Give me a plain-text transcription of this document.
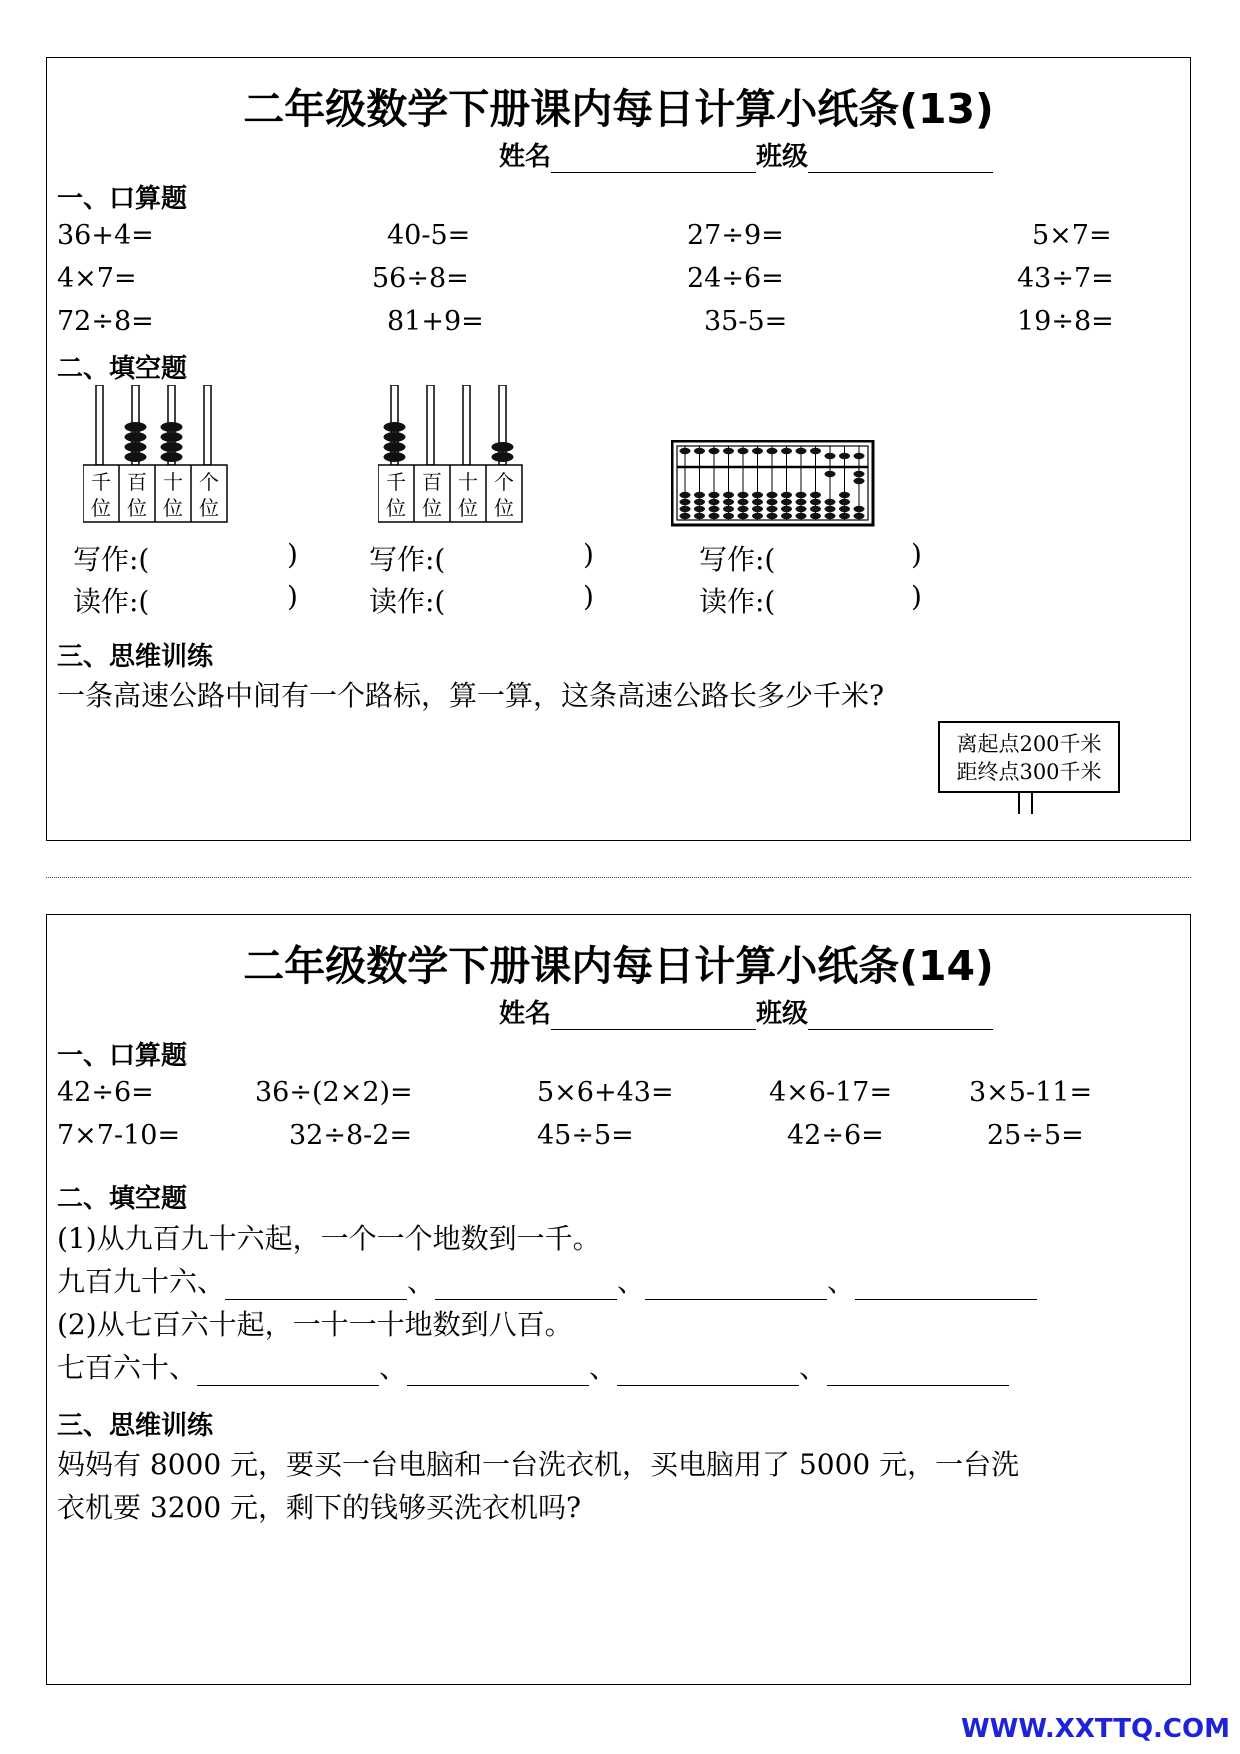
二年级数学下册课内每日计算小纸条(13)
姓名	班级
一、口算题
36+4=	40-5=	27÷9=	5×7=
4×7=	56÷8=	24÷6=	43÷7=
72÷8=	81+9=	35-5=	19÷8=
二、填空题
千 百 十 个
位 位 位 位
千 百 十 个
位 位 位 位
写作:(	)
读作:(	)
写作:(	)
读作:(	)
写作:(	)
读作:(	)
三、思维训练
一条高速公路中间有一个路标，算一算，这条高速公路长多少千米?
离起点200千米
距终点300千米
二年级数学下册课内每日计算小纸条(14)
姓名	班级
一、口算题
42÷6=	36÷(2×2)=	5×6+43=	4×6-17=	3×5-11=
7×7-10=	32÷8-2=	45÷5=	42÷6=	25÷5=
二、填空题
(1)从九百九十六起，一个一个地数到一千。
九百九十六、	、	、	、
(2)从七百六十起，一十一十地数到八百。
七百六十、	、	、	、
三、思维训练
妈妈有 8000 元，要买一台电脑和一台洗衣机，买电脑用了 5000 元，一台洗
衣机要 3200 元，剩下的钱够买洗衣机吗?
WWW.XXTTQ.COM
